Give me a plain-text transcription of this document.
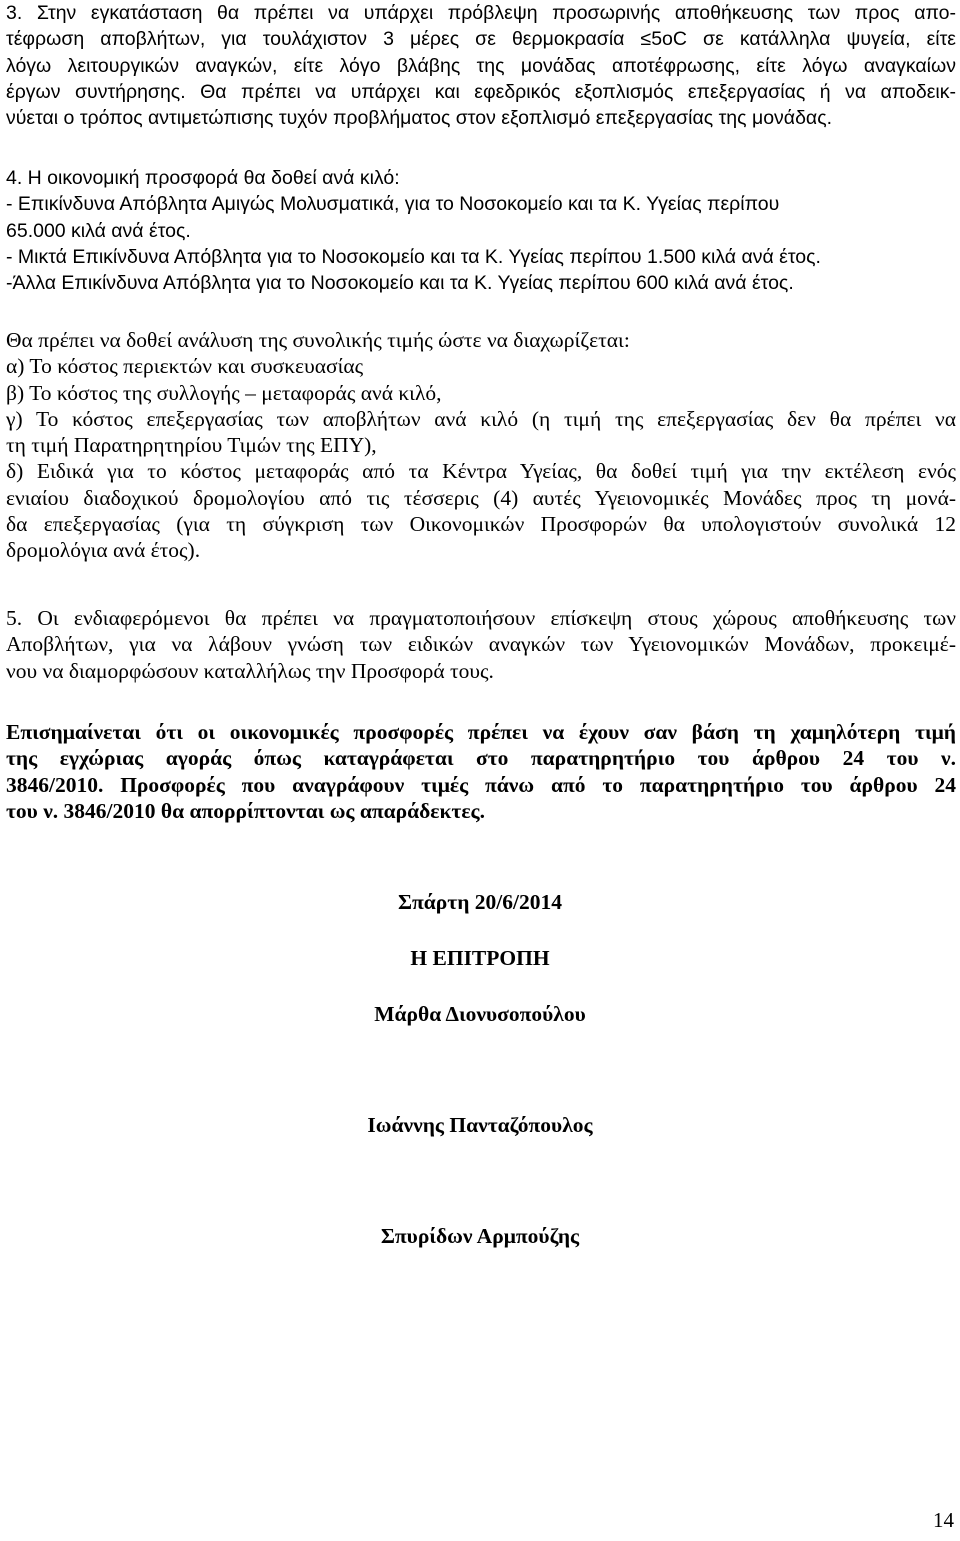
3. Στην εγκατάσταση θα πρέπει να υπάρχει πρόβλεψη προσωρινής αποθήκευσης των προς απο-
τέφρωση αποβλήτων, για τουλάχιστον 3 μέρες σε θερμοκρασία ≤5oC σε κατάλληλα ψυγεία, είτε
λόγω λειτουργικών αναγκών, είτε λόγο βλάβης της μονάδας αποτέφρωσης, είτε λόγω αναγκαίων
έργων συντήρησης. Θα πρέπει να υπάρχει και εφεδρικός εξοπλισμός επεξεργασίας ή να αποδεικ-
νύεται ο τρόπος αντιμετώπισης τυχόν προβλήματος στον εξοπλισμό επεξεργασίας της μονάδας.
4. Η οικονομική προσφορά θα δοθεί ανά κιλό:
- Επικίνδυνα Απόβλητα Αμιγώς Μολυσματικά, για το Νοσοκομείο και τα Κ. Υγείας περίπου
65.000 κιλά ανά έτος.
- Μικτά Επικίνδυνα Απόβλητα για το Νοσοκομείο και τα Κ. Υγείας περίπου 1.500 κιλά ανά έτος.
-Άλλα Επικίνδυνα Απόβλητα για το Νοσοκομείο και τα Κ. Υγείας περίπου 600 κιλά ανά έτος.
Θα πρέπει να δοθεί ανάλυση της συνολικής τιμής ώστε να διαχωρίζεται:
α) Το κόστος περιεκτών και συσκευασίας
β) Το κόστος της συλλογής – μεταφοράς ανά κιλό,
γ) Το κόστος επεξεργασίας των αποβλήτων ανά κιλό (η τιμή της επεξεργασίας δεν θα πρέπει να
τη τιμή Παρατηρητηρίου Τιμών της ΕΠΥ),
δ) Ειδικά για το κόστος μεταφοράς από τα Κέντρα Υγείας, θα δοθεί τιμή για την εκτέλεση ενός
ενιαίου διαδοχικού δρομολογίου από τις τέσσερις (4) αυτές Υγειονομικές Μονάδες προς τη μονά-
δα επεξεργασίας (για τη σύγκριση των Οικονομικών Προσφορών θα υπολογιστούν συνολικά 12
δρομολόγια ανά έτος).
5. Οι ενδιαφερόμενοι θα πρέπει να πραγματοποιήσουν επίσκεψη στους χώρους αποθήκευσης των
Αποβλήτων, για να λάβουν γνώση των ειδικών αναγκών των Υγειονομικών Μονάδων, προκειμέ-
νου να διαμορφώσουν καταλλήλως την Προσφορά τους.
Επισημαίνεται ότι οι οικονομικές προσφορές πρέπει να έχουν σαν βάση τη χαμηλότερη τιμή
της εγχώριας αγοράς όπως καταγράφεται στο παρατηρητήριο του άρθρου 24 του ν.
3846/2010. Προσφορές που αναγράφουν τιμές πάνω από το παρατηρητήριο του άρθρου 24
του ν. 3846/2010 θα απορρίπτονται ως απαράδεκτες.
Σπάρτη 20/6/2014
Η ΕΠΙΤΡΟΠΗ
Μάρθα Διονυσοπούλου
Ιωάννης Πανταζόπουλος
Σπυρίδων Αρμπούζης
14
